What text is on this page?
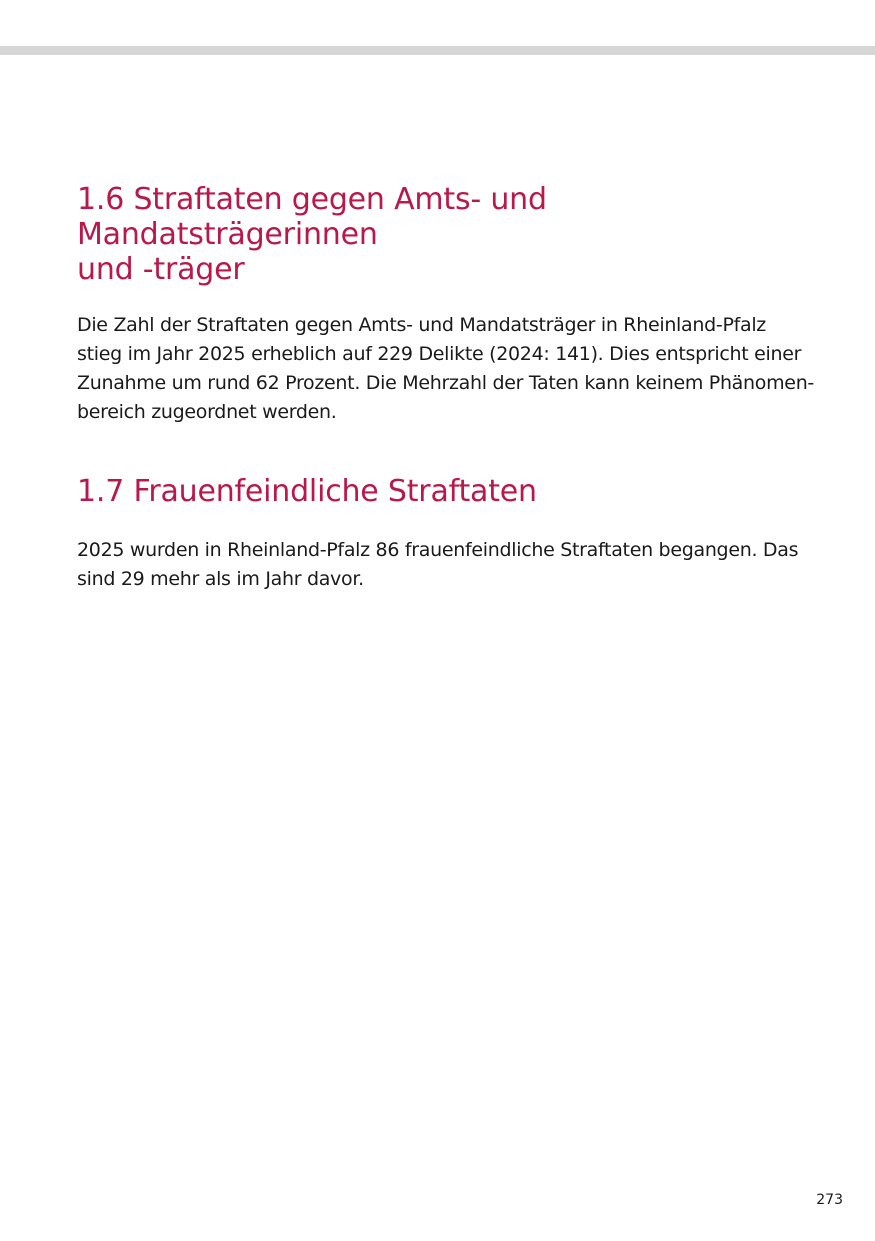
1.6 Straftaten gegen Amts- und Mandatsträgerinnen
und -träger

Die Zahl der Straftaten gegen Amts- und Mandatsträger in Rheinland-Pfalz
stieg im Jahr 2025 erheblich auf 229 Delikte (2024: 141). Dies entspricht einer
Zunahme um rund 62 Prozent. Die Mehrzahl der Taten kann keinem Phänomen-
bereich zugeordnet werden.

1.7 Frauenfeindliche Straftaten

2025 wurden in Rheinland-Pfalz 86 frauenfeindliche Straftaten begangen. Das
sind 29 mehr als im Jahr davor.

273
